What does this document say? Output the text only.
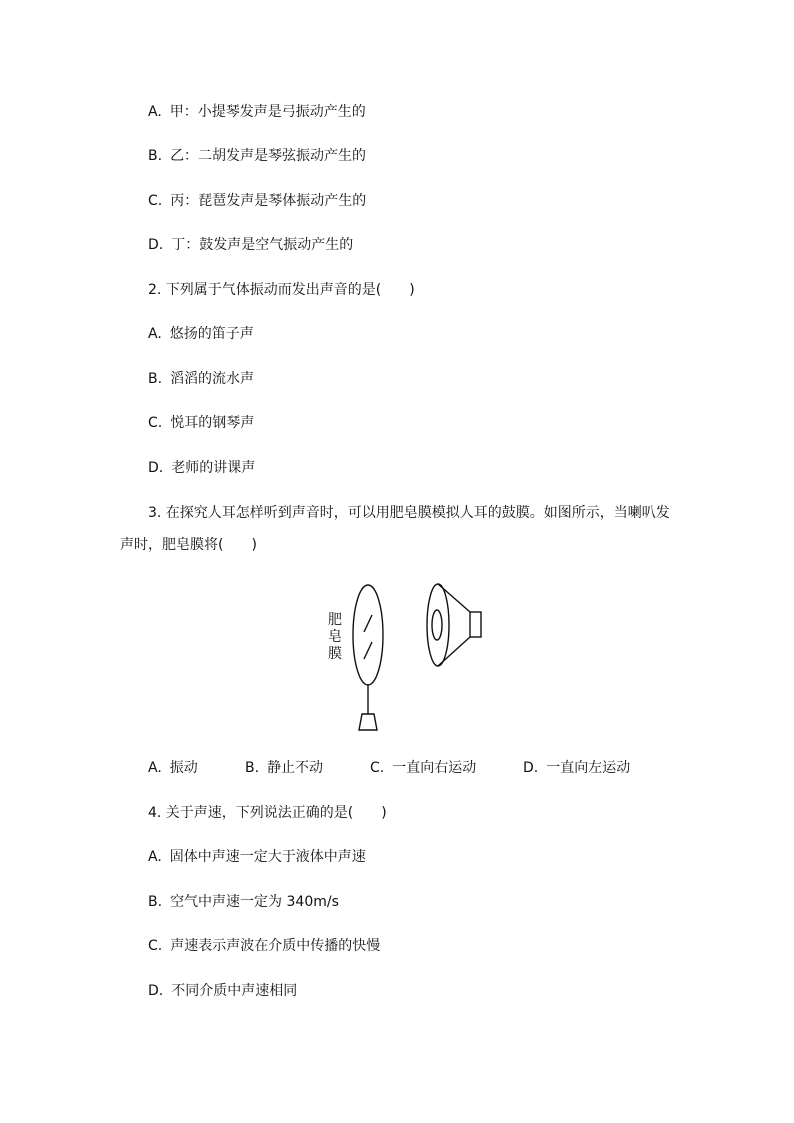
A. 甲：小提琴发声是弓振动产生的
B. 乙：二胡发声是琴弦振动产生的
C. 丙：琵琶发声是琴体振动产生的
D. 丁：鼓发声是空气振动产生的
2. 下列属于气体振动而发出声音的是(　　)
A. 悠扬的笛子声
B. 滔滔的流水声
C. 悦耳的钢琴声
D. 老师的讲课声
3. 在探究人耳怎样听到声音时，可以用肥皂膜模拟人耳的鼓膜。如图所示，当喇叭发
声时，肥皂膜将(　　)
肥
皂
膜
A. 振动	B. 静止不动	C. 一直向右运动	D. 一直向左运动
4. 关于声速，下列说法正确的是(　　)
A. 固体中声速一定大于液体中声速
B. 空气中声速一定为 340m/s
C. 声速表示声波在介质中传播的快慢
D. 不同介质中声速相同
